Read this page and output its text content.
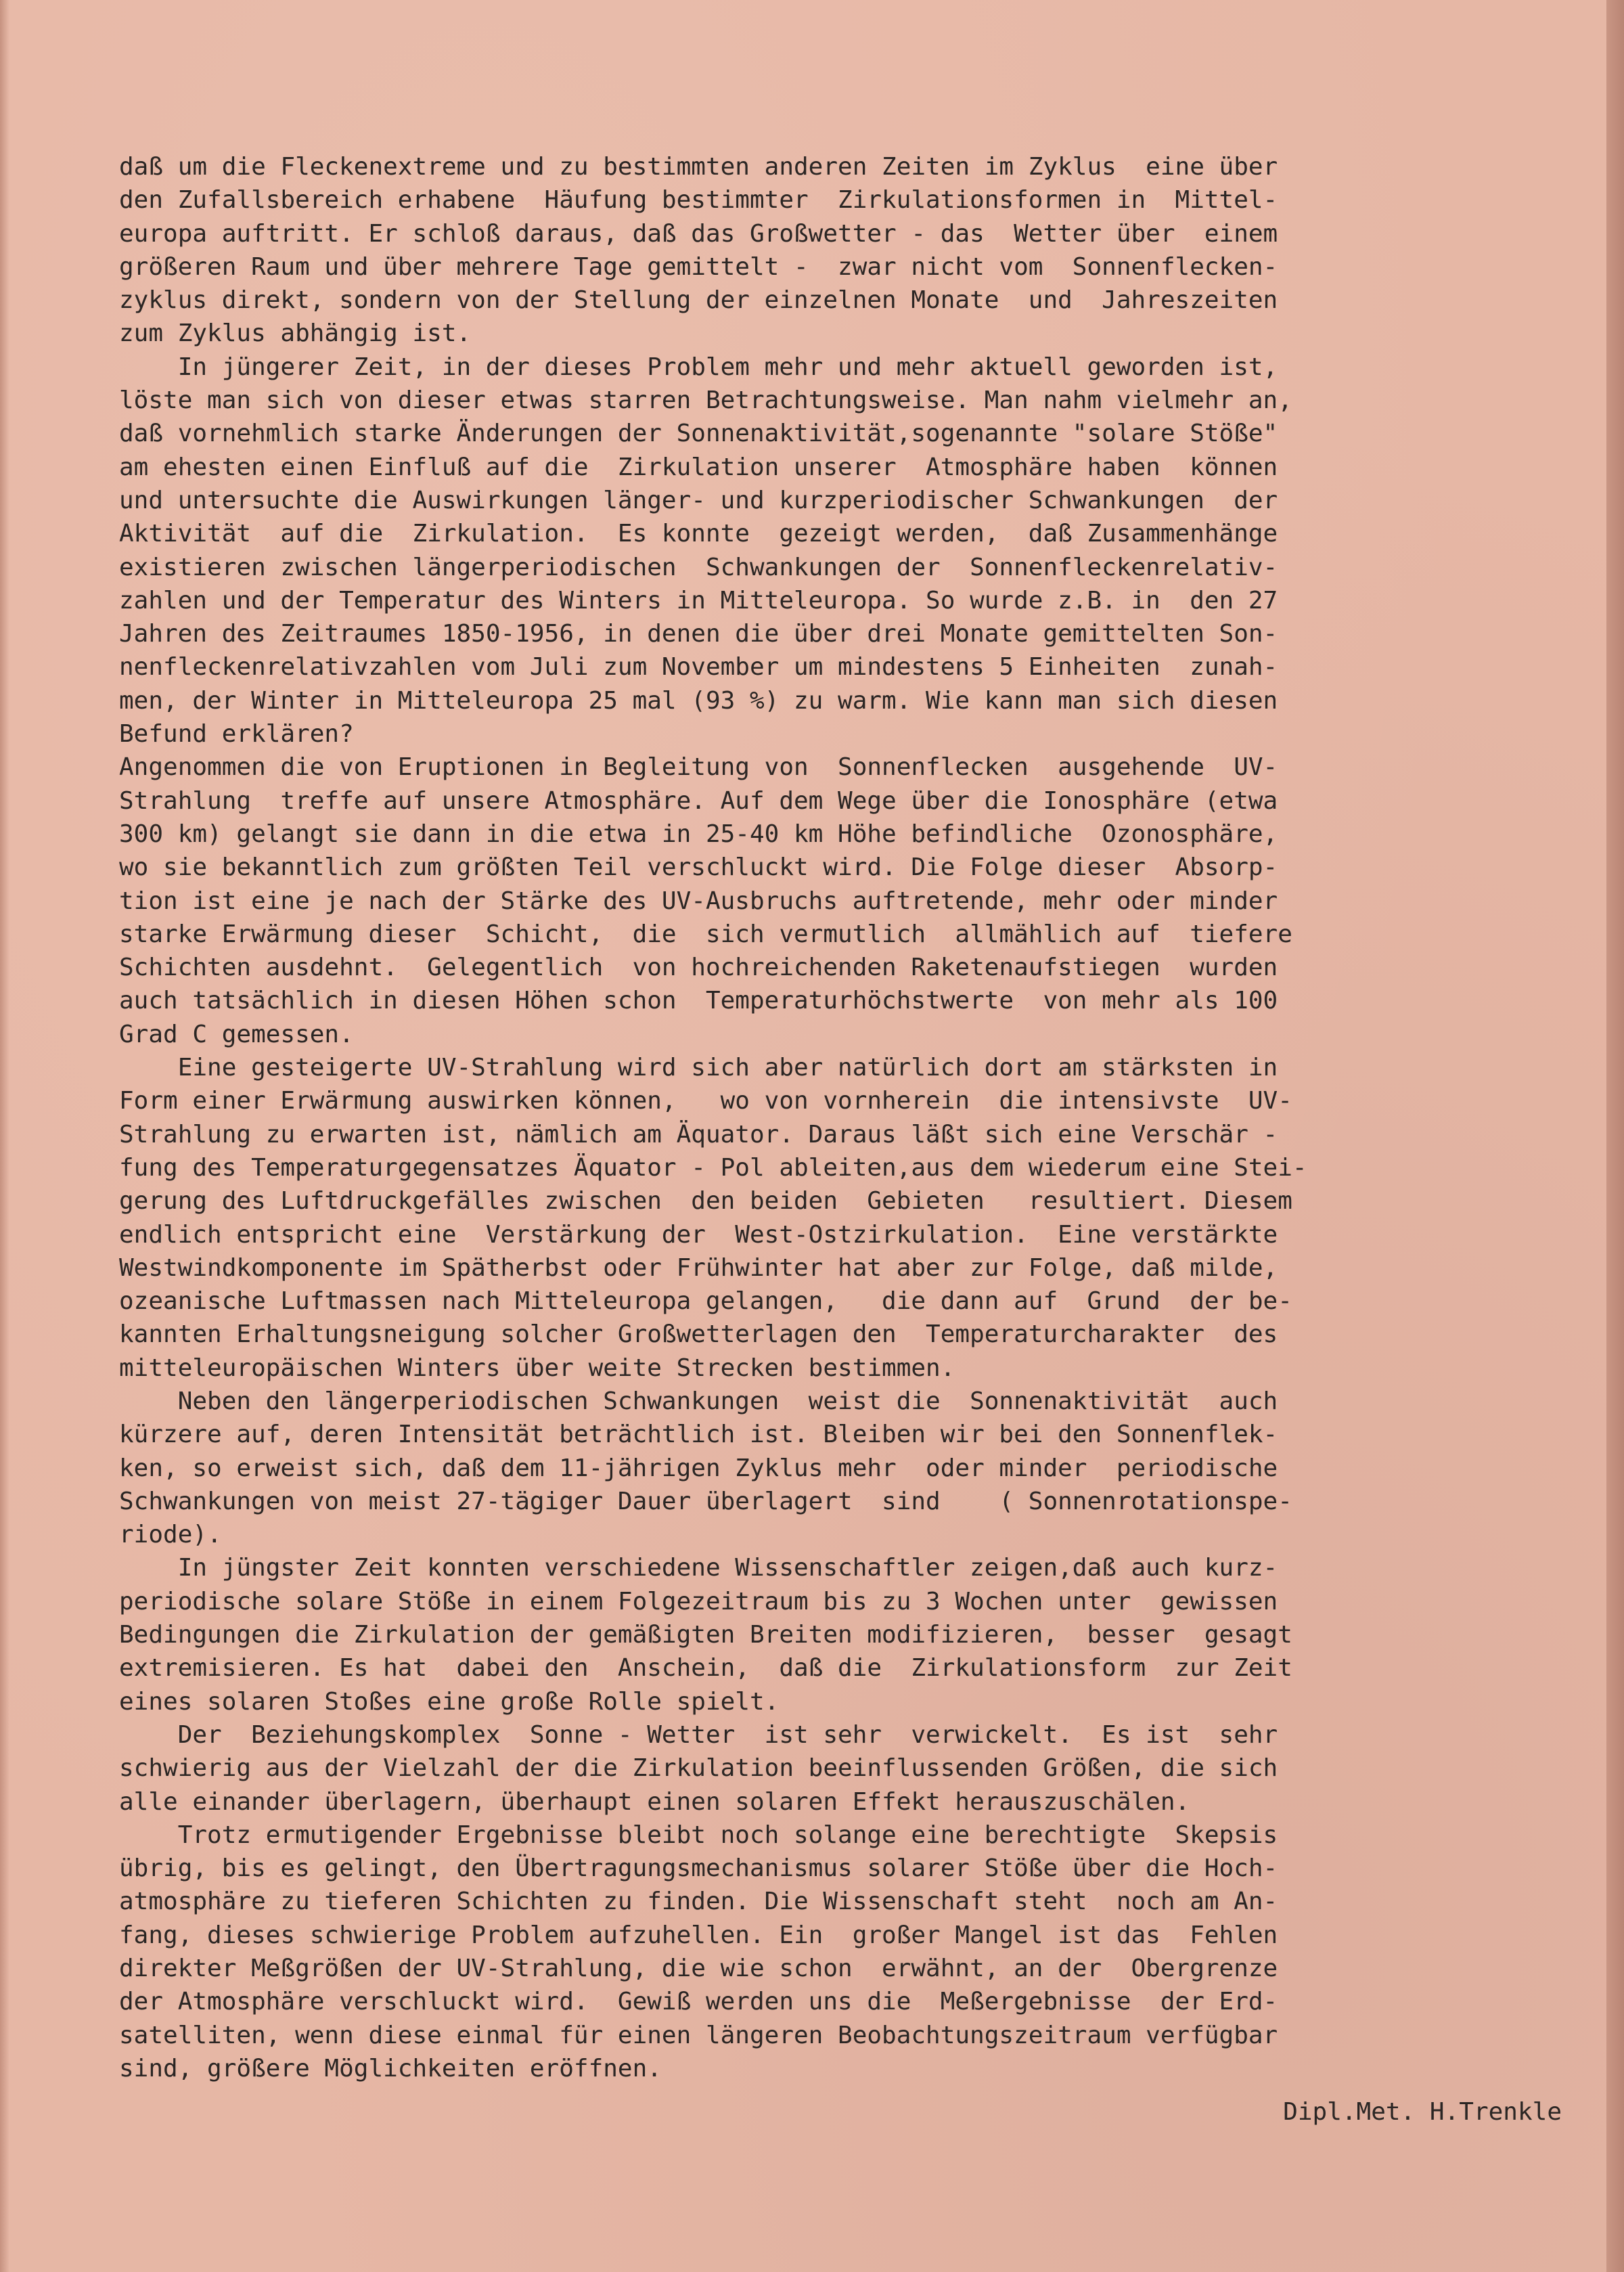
daß um die Fleckenextreme und zu bestimmten anderen Zeiten im Zyklus  eine über
den Zufallsbereich erhabene  Häufung bestimmter  Zirkulationsformen in  Mittel-
europa auftritt. Er schloß daraus, daß das Großwetter - das  Wetter über  einem
größeren Raum und über mehrere Tage gemittelt -  zwar nicht vom  Sonnenflecken-
zyklus direkt, sondern von der Stellung der einzelnen Monate  und  Jahreszeiten
zum Zyklus abhängig ist.
In jüngerer Zeit, in der dieses Problem mehr und mehr aktuell geworden ist,
löste man sich von dieser etwas starren Betrachtungsweise. Man nahm vielmehr an,
daß vornehmlich starke Änderungen der Sonnenaktivität,sogenannte "solare Stöße"
am ehesten einen Einfluß auf die  Zirkulation unserer  Atmosphäre haben  können
und untersuchte die Auswirkungen länger- und kurzperiodischer Schwankungen  der
Aktivität  auf die  Zirkulation.  Es konnte  gezeigt werden,  daß Zusammenhänge
existieren zwischen längerperiodischen  Schwankungen der  Sonnenfleckenrelativ-
zahlen und der Temperatur des Winters in Mitteleuropa. So wurde z.B. in  den 27
Jahren des Zeitraumes 1850-1956, in denen die über drei Monate gemittelten Son-
nenfleckenrelativzahlen vom Juli zum November um mindestens 5 Einheiten  zunah-
men, der Winter in Mitteleuropa 25 mal (93 %) zu warm. Wie kann man sich diesen
Befund erklären?
Angenommen die von Eruptionen in Begleitung von  Sonnenflecken  ausgehende  UV-
Strahlung  treffe auf unsere Atmosphäre. Auf dem Wege über die Ionosphäre (etwa
300 km) gelangt sie dann in die etwa in 25-40 km Höhe befindliche  Ozonosphäre,
wo sie bekanntlich zum größten Teil verschluckt wird. Die Folge dieser  Absorp-
tion ist eine je nach der Stärke des UV-Ausbruchs auftretende, mehr oder minder
starke Erwärmung dieser  Schicht,  die  sich vermutlich  allmählich auf  tiefere
Schichten ausdehnt.  Gelegentlich  von hochreichenden Raketenaufstiegen  wurden
auch tatsächlich in diesen Höhen schon  Temperaturhöchstwerte  von mehr als 100
Grad C gemessen.
Eine gesteigerte UV-Strahlung wird sich aber natürlich dort am stärksten in
Form einer Erwärmung auswirken können,   wo von vornherein  die intensivste  UV-
Strahlung zu erwarten ist, nämlich am Äquator. Daraus läßt sich eine Verschär -
fung des Temperaturgegensatzes Äquator - Pol ableiten,aus dem wiederum eine Stei-
gerung des Luftdruckgefälles zwischen  den beiden  Gebieten   resultiert. Diesem
endlich entspricht eine  Verstärkung der  West-Ostzirkulation.  Eine verstärkte
Westwindkomponente im Spätherbst oder Frühwinter hat aber zur Folge, daß milde,
ozeanische Luftmassen nach Mitteleuropa gelangen,   die dann auf  Grund  der be-
kannten Erhaltungsneigung solcher Großwetterlagen den  Temperaturcharakter  des
mitteleuropäischen Winters über weite Strecken bestimmen.
Neben den längerperiodischen Schwankungen  weist die  Sonnenaktivität  auch
kürzere auf, deren Intensität beträchtlich ist. Bleiben wir bei den Sonnenflek-
ken, so erweist sich, daß dem 11-jährigen Zyklus mehr  oder minder  periodische
Schwankungen von meist 27-tägiger Dauer überlagert  sind    ( Sonnenrotationspe-
riode).
In jüngster Zeit konnten verschiedene Wissenschaftler zeigen,daß auch kurz-
periodische solare Stöße in einem Folgezeitraum bis zu 3 Wochen unter  gewissen
Bedingungen die Zirkulation der gemäßigten Breiten modifizieren,  besser  gesagt
extremisieren. Es hat  dabei den  Anschein,  daß die  Zirkulationsform  zur Zeit
eines solaren Stoßes eine große Rolle spielt.
Der  Beziehungskomplex  Sonne - Wetter  ist sehr  verwickelt.  Es ist  sehr
schwierig aus der Vielzahl der die Zirkulation beeinflussenden Größen, die sich
alle einander überlagern, überhaupt einen solaren Effekt herauszuschälen.
Trotz ermutigender Ergebnisse bleibt noch solange eine berechtigte  Skepsis
übrig, bis es gelingt, den Übertragungsmechanismus solarer Stöße über die Hoch-
atmosphäre zu tieferen Schichten zu finden. Die Wissenschaft steht  noch am An-
fang, dieses schwierige Problem aufzuhellen. Ein  großer Mangel ist das  Fehlen
direkter Meßgrößen der UV-Strahlung, die wie schon  erwähnt, an der  Obergrenze
der Atmosphäre verschluckt wird.  Gewiß werden uns die  Meßergebnisse  der Erd-
satelliten, wenn diese einmal für einen längeren Beobachtungszeitraum verfügbar
sind, größere Möglichkeiten eröffnen.
Dipl.Met. H.Trenkle
